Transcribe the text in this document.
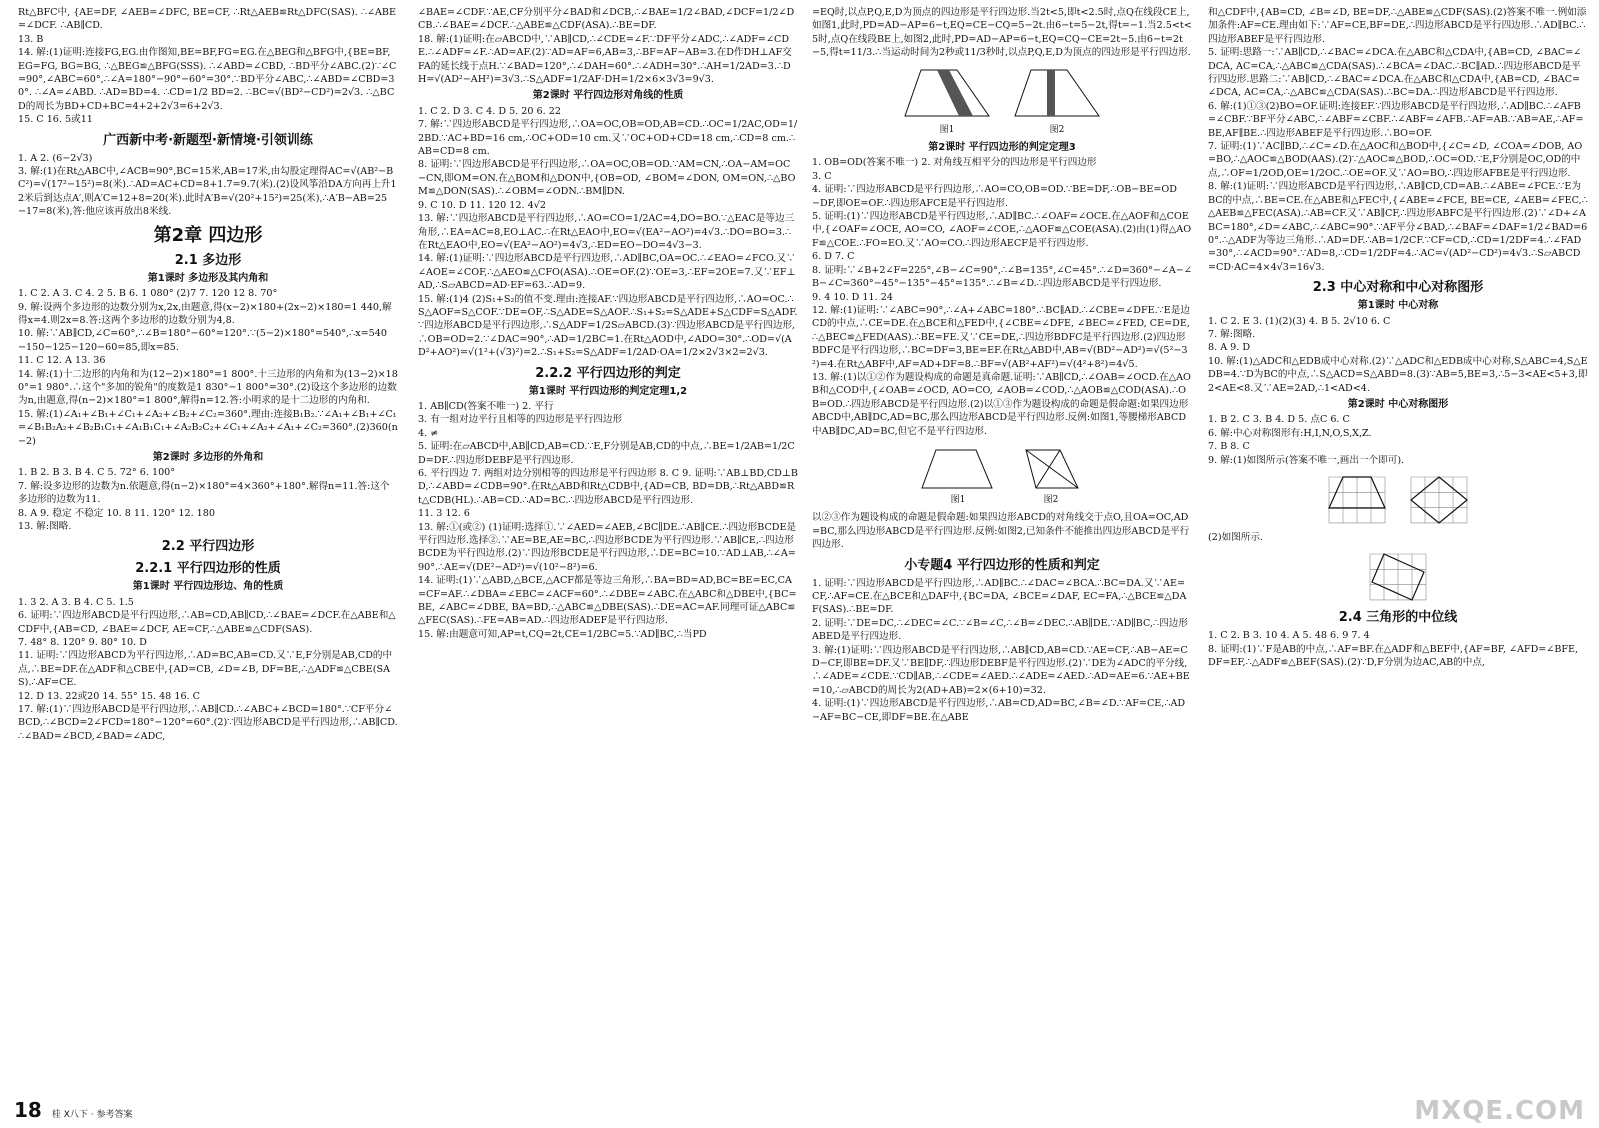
Rt△BFC中, {AE=DF, ∠AEB=∠DFC, BE=CF, ∴Rt△AEB≌Rt△DFC(SAS). ∴∠ABE=∠DCF. ∴AB∥CD.

13. B

14. 解:(1)证明:连接FG,EG.由作图知,BE=BF,FG=EG.在△BEG和△BFG中,{BE=BF, EG=FG, BG=BG, ∴△BEG≌△BFG(SSS). ∴∠ABD=∠CBD, ∴BD平分∠ABC.(2)∵∠C=90°,∠ABC=60°,∴∠A=180°−90°−60°=30°.∵BD平分∠ABC,∴∠ABD=∠CBD=30°. ∴∠A=∠ABD. ∴AD=BD=4. ∴CD=1/2 BD=2. ∴BC=√(BD²−CD²)=2√3. ∴△BCD的周长为BD+CD+BC=4+2+2√3=6+2√3.

15. C 16. 5或11

广西新中考·新题型·新情境·引领训练

1. A 2. (6−2√3)

3. 解:(1)在Rt△ABC中,∠ACB=90°,BC=15米,AB=17米,由勾股定理得AC=√(AB²−BC²)=√(17²−15²)=8(米).∴AD=AC+CD=8+1.7=9.7(米).(2)设风筝沿DA方向再上升12米后到达点A′,则A′C=12+8=20(米).此时A′B=√(20²+15²)=25(米),∴A′B−AB=25−17=8(米),答:他应该再放出8米线.

第2章 四边形

2.1 多边形

第1课时 多边形及其内角和

1. C 2. A 3. C 4. 2 5. B 6. 1 080° (2)7 7. 120 12 8. 70°

9. 解:设两个多边形的边数分别为x,2x,由题意,得(x−2)×180+(2x−2)×180=1 440,解得x=4.则2x=8.答:这两个多边形的边数分别为4,8.

10. 解:∵AB∥CD,∠C=60°,∴∠B=180°−60°=120°.∵(5−2)×180°=540°,∴x=540−150−125−120−60=85,即x=85.

11. C 12. A 13. 36

14. 解:(1)十二边形的内角和为(12−2)×180°=1 800°.十三边形的内角和为(13−2)×180°=1 980°.∴这个"多加的锐角"的度数是1 830°−1 800°=30°.(2)设这个多边形的边数为n,由题意,得(n−2)×180°=1 800°,解得n=12.答:小明求的是十二边形的内角和.

15. 解:(1)∠A₁+∠B₁+∠C₁+∠A₂+∠B₂+∠C₂=360°.理由:连接B₁B₂.∵∠A₁+∠B₁+∠C₁=∠B₁B₂A₂+∠B₂B₁C₁+∠A₁B₁C₁+∠A₂B₂C₂+∠C₁+∠A₂+∠A₁+∠C₂=360°.(2)360(n−2)

第2课时 多边形的外角和

1. B 2. B 3. B 4. C 5. 72° 6. 100°

7. 解:设多边形的边数为n.依题意,得(n−2)×180°=4×360°+180°.解得n=11.答:这个多边形的边数为11.

8. A 9. 稳定 不稳定 10. 8 11. 120° 12. 180

13. 解:图略.

2.2 平行四边形

2.2.1 平行四边形的性质

第1课时 平行四边形边、角的性质

1. 3 2. A 3. B 4. C 5. 1.5

6. 证明:∵四边形ABCD是平行四边形,∴AB=CD,AB∥CD,∴∠BAE=∠DCF.在△ABE和△CDF中,{AB=CD, ∠BAE=∠DCF, AE=CF,∴△ABE≌△CDF(SAS).

7. 48° 8. 120° 9. 80° 10. D

11. 证明:∵四边形ABCD为平行四边形,∴AD=BC,AB=CD.又∵E,F分别是AB,CD的中点,∴BE=DF.在△ADF和△CBE中,{AD=CB, ∠D=∠B, DF=BE,∴△ADF≌△CBE(SAS).∴AF=CE.

12. D 13. 22或20 14. 55° 15. 48 16. C

17. 解:(1)∵四边形ABCD是平行四边形,∴AB∥CD.∴∠ABC+∠BCD=180°.∵CF平分∠BCD,∴∠BCD=2∠FCD=180°−120°=60°.(2)∵四边形ABCD是平行四边形,∴AB∥CD.∴∠BAD=∠BCD,∠BAD=∠ADC,

∠BAE=∠CDF.∵AE,CF分别平分∠BAD和∠DCB,∴∠BAE=1/2∠BAD,∠DCF=1/2∠DCB.∴∠BAE=∠DCF.∴△ABE≌△CDF(ASA).∴BE=DF.

18. 解:(1)证明:在▱ABCD中,∵AB∥CD,∴∠CDE=∠F.∵DF平分∠ADC,∴∠ADF=∠CDE.∴∠ADF=∠F.∴AD=AF.(2)∵AD=AF=6,AB=3,∴BF=AF−AB=3.在D作DH⊥AF交FA的延长线于点H.∵∠BAD=120°,∴∠DAH=60°.∴∠ADH=30°.∴AH=1/2AD=3.∴DH=√(AD²−AH²)=3√3.∴S△ADF=1/2AF·DH=1/2×6×3√3=9√3.

第2课时 平行四边形对角线的性质

1. C 2. D 3. C 4. D 5. 20 6. 22

7. 解:∵四边形ABCD是平行四边形,∴OA=OC,OB=OD,AB=CD.∴OC=1/2AC,OD=1/2BD.∵AC+BD=16 cm,∴OC+OD=10 cm.又∵OC+OD+CD=18 cm,∴CD=8 cm.∴AB=CD=8 cm.

8. 证明:∵四边形ABCD是平行四边形,∴OA=OC,OB=OD.∵AM=CN,∴OA−AM=OC−CN,即OM=ON.在△BOM和△DON中,{OB=OD, ∠BOM=∠DON, OM=ON,∴△BOM≌△DON(SAS).∴∠OBM=∠ODN.∴BM∥DN.

9. C 10. D 11. 120 12. 4√2

13. 解:∵四边形ABCD是平行四边形,∴AO=CO=1/2AC=4,DO=BO.∵△EAC是等边三角形,∴EA=AC=8,EO⊥AC.∴在Rt△EAO中,EO=√(EA²−AO²)=4√3.∴DO=BO=3.∴在Rt△EAO中,EO=√(EA²−AO²)=4√3,∴ED=EO−DO=4√3−3.

14. 解:(1)证明:∵四边形ABCD是平行四边形,∴AD∥BC,OA=OC.∴∠EAO=∠FCO.又∵∠AOE=∠COF,∴△AEO≌△CFO(ASA).∴OE=OF.(2)∵OE=3,∴EF=2OE=7.又∵EF⊥AD,∴S▱ABCD=AD·EF=63.∴AD=9.

15. 解:(1)4 (2)S₁+S₂的值不变.理由:连接AF.∵四边形ABCD是平行四边形,∴AO=OC.∴S△AOF=S△COF.∵DE=OF,∴S△ADE=S△AOF.∴S₁+S₂=S△ADE+S△CDF=S△ADF.∵四边形ABCD是平行四边形,∴S△ADF=1/2S▱ABCD.(3)∵四边形ABCD是平行四边形,∴OB=OD=2.∵∠DAC=90°,∴AD=1/2BC=1.在Rt△AOD中,∠ADO=30°.∴OD=√(AD²+AO²)=√(1²+(√3)²)=2.∴S₁+S₂=S△ADF=1/2AD·OA=1/2×2√3×2=2√3.

2.2.2 平行四边形的判定

第1课时 平行四边形的判定定理1,2

1. AB∥CD(答案不唯一) 2. 平行

3. 有一组对边平行且相等的四边形是平行四边形

4. ≠

5. 证明:在▱ABCD中,AB∥CD,AB=CD.∵E,F分别是AB,CD的中点,∴BE=1/2AB=1/2CD=DF.∴四边形DEBF是平行四边形.

6. 平行四边 7. 两组对边分别相等的四边形是平行四边形 8. C 9. 证明:∵AB⊥BD,CD⊥BD,∴∠ABD=∠CDB=90°.在Rt△ABD和Rt△CDB中,{AD=CB, BD=DB,∴Rt△ABD≌Rt△CDB(HL).∴AB=CD.∴AD=BC.∴四边形ABCD是平行四边形.

11. 3 12. 6

13. 解:①(或②) (1)证明:选择①.∵∠AED=∠AEB,∠BC∥DE.∴AB∥CE.∴四边形BCDE是平行四边形.选择②.∵AE=BE,AE=BC,∴四边形BCDE为平行四边形.∵AB∥CE,∴四边形BCDE为平行四边形.(2)∵四边形BCDE是平行四边形,∴DE=BC=10.∵AD⊥AB,∴∠A=90°.∴AE=√(DE²−AD²)=√(10²−8²)=6.

14. 证明:(1)∵△ABD,△BCE,△ACF都是等边三角形,∴BA=BD=AD,BC=BE=EC,CA=CF=AF.∴∠DBA=∠EBC=∠ACF=60°.∴∠DBE=∠ABC.在△ABC和△DBE中,{BC=BE, ∠ABC=∠DBE, BA=BD,∴△ABC≌△DBE(SAS).∴DE=AC=AF.同理可证△ABC≌△FEC(SAS).∴FE=AB=AD.∴四边形ADEF是平行四边形.

15. 解:由题意可知,AP=t,CQ=2t,CE=1/2BC=5.∵AD∥BC,∴当PD

=EQ时,以点P,Q,E,D为顶点的四边形是平行四边形.当2t<5,即t<2.5时,点Q在线段CE上,如图1,此时,PD=AD−AP=6−t,EQ=CE−CQ=5−2t.由6−t=5−2t,得t=−1.当2.5<t<5时,点Q在线段BE上,如图2,此时,PD=AD−AP=6−t,EQ=CQ−CE=2t−5.由6−t=2t−5,得t=11/3.∴当运动时间为2秒或11/3秒时,以点P,Q,E,D为顶点的四边形是平行四边形.

图1	图2

第2课时 平行四边形的判定定理3

1. OB=OD(答案不唯一) 2. 对角线互相平分的四边形是平行四边形

3. C

4. 证明:∵四边形ABCD是平行四边形,∴AO=CO,OB=OD.∵BE=DF,∴OB−BE=OD−DF,即OE=OF.∴四边形AFCE是平行四边形.

5. 证明:(1)∵四边形ABCD是平行四边形,∴AD∥BC.∴∠OAF=∠OCE.在△AOF和△COE中,{∠OAF=∠OCE, AO=CO, ∠AOF=∠COE,∴△AOF≌△COE(ASA).(2)由(1)得△AOF≌△COE.∴FO=EO.又∵AO=CO.∴四边形AECF是平行四边形.

6. D 7. C

8. 证明:∵∠B+2∠F=225°,∠B−∠C=90°,∴∠B=135°,∠C=45°.∴∠D=360°−∠A−∠B−∠C=360°−45°−135°−45°=135°.∴∠B=∠D.∴四边形ABCD是平行四边形.

9. 4 10. D 11. 24

12. 解:(1)证明:∵∠ABC=90°,∴∠A+∠ABC=180°.∴BC∥AD.∴∠CBE=∠DFE.∵E是边CD的中点,∴CE=DE.在△BCE和△FED中,{∠CBE=∠DFE, ∠BEC=∠FED, CE=DE,∴△BEC≌△FED(AAS).∴BE=FE.又∵CE=DE,∴四边形BDFC是平行四边形.(2)四边形BDFC是平行四边形,∴BC=DF=3,BE=EF.在Rt△ABD中,AB=√(BD²−AD²)=√(5²−3²)=4.在Rt△ABF中,AF=AD+DF=8.∴BF=√(AB²+AF²)=√(4²+8²)=4√5.

13. 解:(1)以①②作为题设构成的命题是真命题.证明:∵AB∥CD,∴∠OAB=∠OCD.在△AOB和△COD中,{∠OAB=∠OCD, AO=CO, ∠AOB=∠COD,∴△AOB≌△COD(ASA).∴OB=OD.∴四边形ABCD是平行四边形.(2)以①③作为题设构成的命题是假命题:如果四边形ABCD中,AB∥DC,AD=BC,那么四边形ABCD是平行四边形.反例:如图1,等腰梯形ABCD中AB∥DC,AD=BC,但它不是平行四边形.

图1	图2

以②③作为题设构成的命题是假命题:如果四边形ABCD的对角线交于点O,且OA=OC,AD=BC,那么四边形ABCD是平行四边形.反例:如图2,已知条件不能推出四边形ABCD是平行四边形.

小专题4 平行四边形的性质和判定

1. 证明:∵四边形ABCD是平行四边形,∴AD∥BC.∴∠DAC=∠BCA.∴BC=DA.又∵AE=CF,∴AF=CE.在△BCE和△DAF中,{BC=DA, ∠BCE=∠DAF, EC=FA,∴△BCE≌△DAF(SAS).∴BE=DF.

2. 证明:∵DE=DC,∴∠DEC=∠C.∵∠B=∠C,∴∠B=∠DEC.∴AB∥DE.∵AD∥BC,∴四边形ABED是平行四边形.

3. 解:(1)证明:∵四边形ABCD是平行四边形,∴AB∥CD,AB=CD.∵AE=CF,∴AB−AE=CD−CF,即BE=DF.又∵BE∥DF,∴四边形DEBF是平行四边形.(2)∵DE为∠ADC的平分线,∴∠ADE=∠CDE.∵CD∥AB,∴∠CDE=∠AED.∴∠ADE=∠AED.∴AD=AE=6.∵AE+BE=10,∴▱ABCD的周长为2(AD+AB)=2×(6+10)=32.

4. 证明:(1)∵四边形ABCD是平行四边形,∴AB=CD,AD=BC,∠B=∠D.∵AF=CE,∴AD−AF=BC−CE,即DF=BE.在△ABE

和△CDF中,{AB=CD, ∠B=∠D, BE=DF,∴△ABE≌△CDF(SAS).(2)答案不唯一.例如添加条件:AF=CE.理由如下:∵AF=CE,BF=DE,∴四边形ABCD是平行四边形.∴AD∥BC.∴四边形ABEF是平行四边形.

5. 证明:思路一:∵AB∥CD,∴∠BAC=∠DCA.在△ABC和△CDA中,{AB=CD, ∠BAC=∠DCA, AC=CA,∴△ABC≌△CDA(SAS).∴∠BCA=∠DAC.∴BC∥AD.∴四边形ABCD是平行四边形.思路二:∵AB∥CD,∴∠BAC=∠DCA.在△ABC和△CDA中,{AB=CD, ∠BAC=∠DCA, AC=CA,∴△ABC≌△CDA(SAS).∴BC=DA.∴四边形ABCD是平行四边形.

6. 解:(1)①③(2)BO=OF.证明:连接EF.∵四边形ABCD是平行四边形,∴AD∥BC.∴∠AFB=∠CBF.∵BF平分∠ABC,∴∠ABF=∠CBF.∴∠ABF=∠AFB.∴AF=AB.∵AB=AE,∴AF=BE,AF∥BE.∴四边形ABEF是平行四边形.∴BO=OF.

7. 证明:(1)∵AC∥BD,∴∠C=∠D.在△AOC和△BOD中,{∠C=∠D, ∠COA=∠DOB, AO=BO,∴△AOC≌△BOD(AAS).(2)∵△AOC≌△BOD,∴OC=OD.∵E,F分别是OC,OD的中点,∴OF=1/2OD,OE=1/2OC.∴OE=OF.又∵AO=BO,∴四边形AFBE是平行四边形.

8. 解:(1)证明:∵四边形ABCD是平行四边形,∴AB∥CD,CD=AB.∴∠ABE=∠FCE.∵E为BC的中点,∴BE=CE.在△ABE和△FEC中,{∠ABE=∠FCE, BE=CE, ∠AEB=∠FEC,∴△AEB≌△FEC(ASA).∴AB=CF.又∵AB∥CF,∴四边形ABFC是平行四边形.(2)∵∠D+∠ABC=180°,∠D=∠ABC,∴∠ABC=90°.∵AF平分∠BAD,∴∠BAF=∠DAF=1/2∠BAD=60°.∴△ADF为等边三角形.∴AD=DF.∴AB=1/2CF.∵CF=CD,∴CD=1/2DF=4.∴∠FAD=30°,∴∠ACD=90°.∵AD=8,∴CD=1/2DF=4.∴AC=√(AD²−CD²)=4√3.∴S▱ABCD=CD·AC=4×4√3=16√3.

2.3 中心对称和中心对称图形

第1课时 中心对称

1. C 2. E 3. (1)(2)(3) 4. B 5. 2√10 6. C

7. 解:图略.

8. A 9. D

10. 解:(1)△ADC和△EDB成中心对称.(2)∵△ADC和△EDB成中心对称,S△ABC=4,S△EDB=4.∵D为BC的中点,∴S△ACD=S△ABD=8.(3)∵AB=5,BE=3,∴5−3<AE<5+3,即2<AE<8.又∵AE=2AD,∴1<AD<4.

第2课时 中心对称图形

1. B 2. C 3. B 4. D 5. 点C 6. C

6. 解:中心对称图形有:H,I,N,O,S,X,Z.

7. B 8. C

9. 解:(1)如图所示(答案不唯一,画出一个即可).

(2)如图所示.

2.4 三角形的中位线

1. C 2. B 3. 10 4. A 5. 48 6. 9 7. 4

8. 证明:(1)∵F是AB的中点,∴AF=BF.在△ADF和△BEF中,{AF=BF, ∠AFD=∠BFE, DF=EF,∴△ADF≌△BEF(SAS).(2)∵D,F分别为边AC,AB的中点,

18 桂 X八下 · 参考答案	MXQE.COM
